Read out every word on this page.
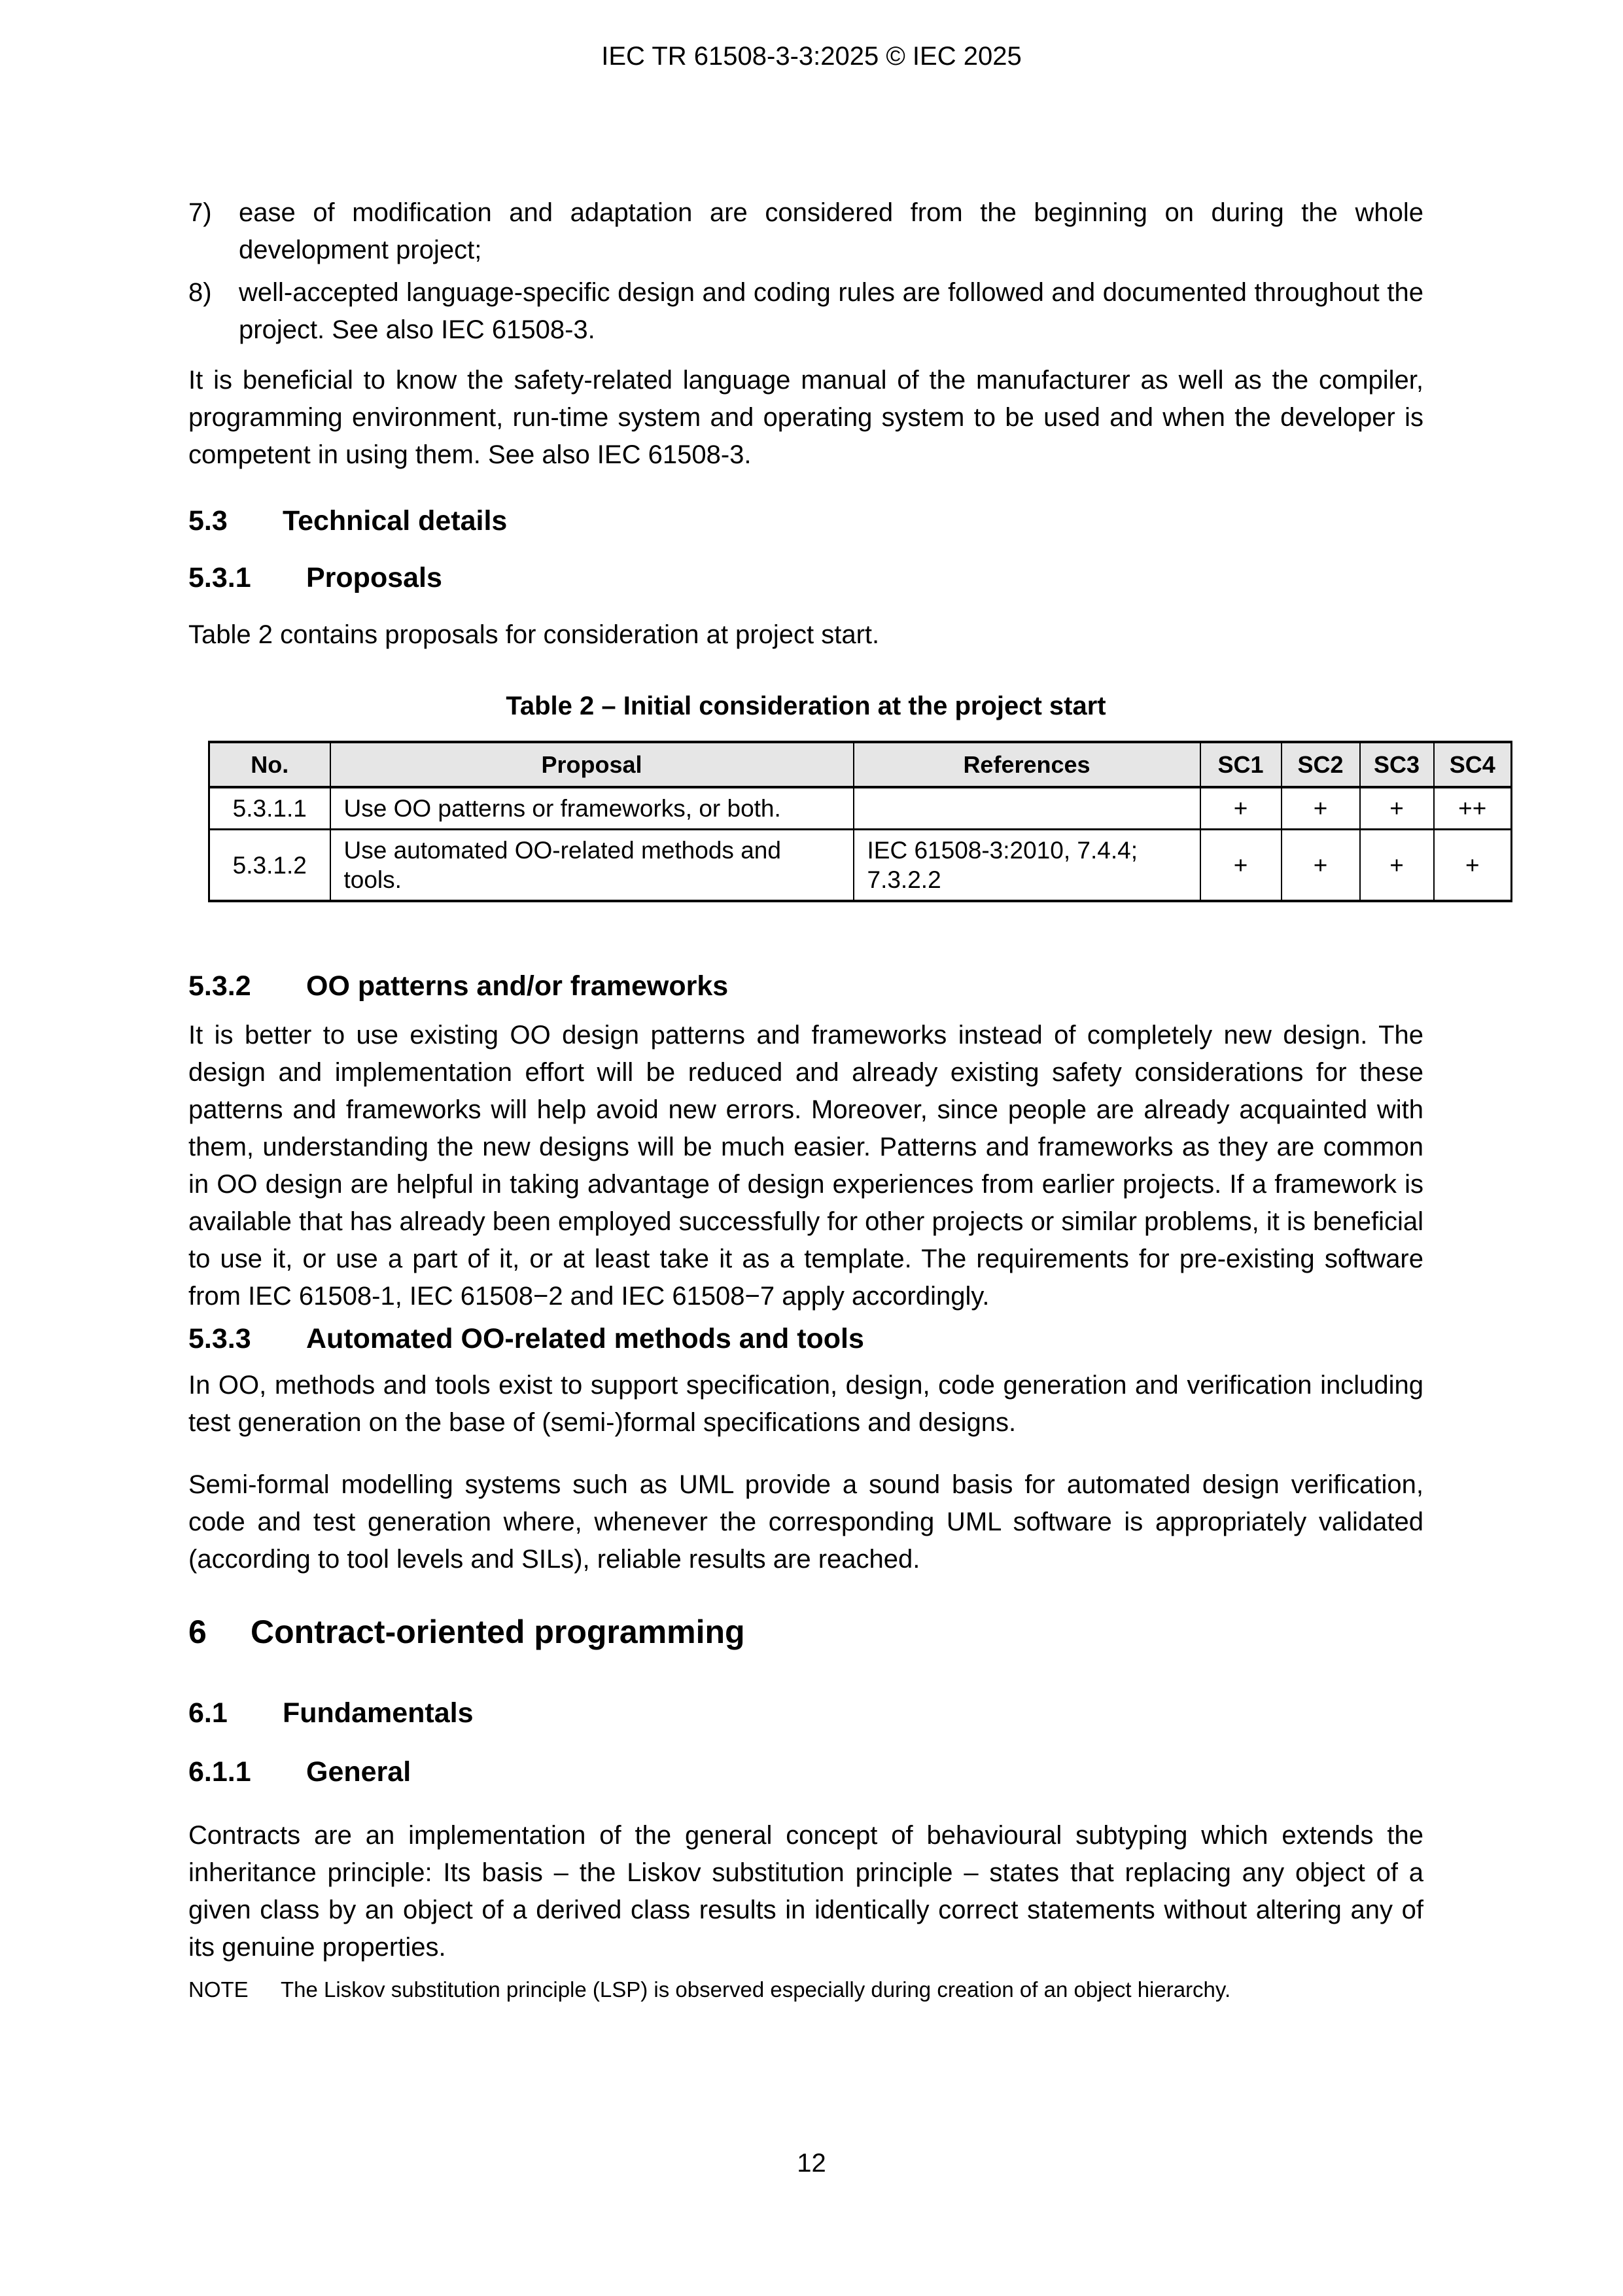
IEC TR 61508-3-3:2025 © IEC 2025
7)	ease of modification and adaptation are considered from the beginning on during the whole development project;
8)	well-accepted language-specific design and coding rules are followed and documented throughout the project. See also IEC 61508-3.

It is beneficial to know the safety-related language manual of the manufacturer as well as the compiler, programming environment, run-time system and operating system to be used and when the developer is competent in using them. See also IEC 61508-3.

5.3 Technical details
5.3.1 Proposals

Table 2 contains proposals for consideration at project start.

Table 2 – Initial consideration at the project start
No.	Proposal	References	SC1	SC2	SC3	SC4
5.3.1.1	Use OO patterns or frameworks, or both.		+	+	+	++
5.3.1.2	Use automated OO-related methods and tools.	IEC 61508-3:2010, 7.4.4; 7.3.2.2	+	+	+	+
5.3.2 OO patterns and/or frameworks

It is better to use existing OO design patterns and frameworks instead of completely new design. The design and implementation effort will be reduced and already existing safety considerations for these patterns and frameworks will help avoid new errors. Moreover, since people are already acquainted with them, understanding the new designs will be much easier. Patterns and frameworks as they are common in OO design are helpful in taking advantage of design experiences from earlier projects. If a framework is available that has already been employed successfully for other projects or similar problems, it is beneficial to use it, or use a part of it, or at least take it as a template. The requirements for pre-existing software from IEC 61508-1, IEC 61508−2 and IEC 61508−7 apply accordingly.

5.3.3 Automated OO-related methods and tools

In OO, methods and tools exist to support specification, design, code generation and verification including test generation on the base of (semi-)formal specifications and designs.

Semi-formal modelling systems such as UML provide a sound basis for automated design verification, code and test generation where, whenever the corresponding UML software is appropriately validated (according to tool levels and SILs), reliable results are reached.

6 Contract-oriented programming
6.1 Fundamentals
6.1.1 General

Contracts are an implementation of the general concept of behavioural subtyping which extends the inheritance principle: Its basis – the Liskov substitution principle – states that replacing any object of a given class by an object of a derived class results in identically correct statements without altering any of its genuine properties.

NOTE The Liskov substitution principle (LSP) is observed especially during creation of an object hierarchy.
12
